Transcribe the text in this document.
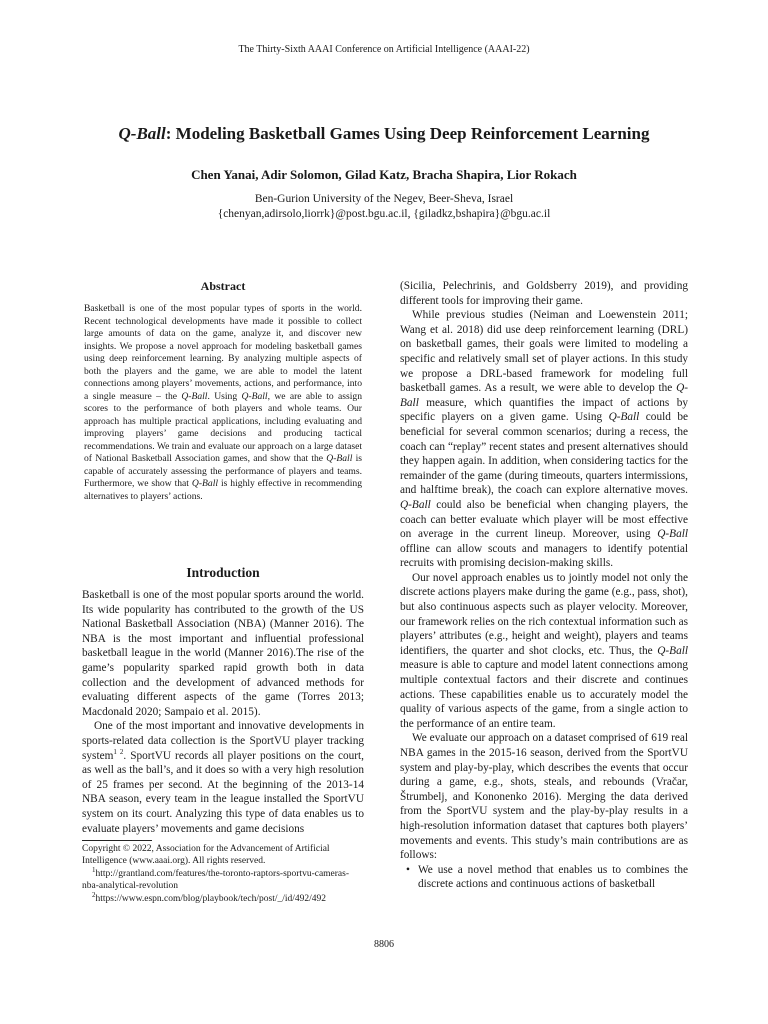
The Thirty-Sixth AAAI Conference on Artificial Intelligence (AAAI-22)
Q-Ball: Modeling Basketball Games Using Deep Reinforcement Learning
Chen Yanai, Adir Solomon, Gilad Katz, Bracha Shapira, Lior Rokach
Ben-Gurion University of the Negev, Beer-Sheva, Israel
{chenyan,adirsolo,liorrk}@post.bgu.ac.il, {giladkz,bshapira}@bgu.ac.il
Abstract
Basketball is one of the most popular types of sports in the world. Recent technological developments have made it possible to collect large amounts of data on the game, analyze it, and discover new insights. We propose a novel approach for modeling basketball games using deep reinforcement learning. By analyzing multiple aspects of both the players and the game, we are able to model the latent connections among players’ movements, actions, and performance, into a single measure – the Q-Ball. Using Q-Ball, we are able to assign scores to the performance of both players and whole teams. Our approach has multiple practical applications, including evaluating and improving players’ game decisions and producing tactical recommendations. We train and evaluate our approach on a large dataset of National Basketball Association games, and show that the Q-Ball is capable of accurately assessing the performance of players and teams. Furthermore, we show that Q-Ball is highly effective in recommending alternatives to players’ actions.
Introduction

Basketball is one of the most popular sports around the world. Its wide popularity has contributed to the growth of the US National Basketball Association (NBA) (Manner 2016). The NBA is the most important and influential professional basketball league in the world (Manner 2016).The rise of the game’s popularity sparked rapid growth both in data collection and the development of advanced methods for evaluating different aspects of the game (Torres 2013; Macdonald 2020; Sampaio et al. 2015).

One of the most important and innovative developments in sports-related data collection is the SportVU player tracking system$^{1 2}$. SportVU records all player positions on the court, as well as the ball’s, and it does so with a very high resolution of 25 frames per second. At the beginning of the 2013-14 NBA season, every team in the league installed the SportVU system on its court. Analyzing this type of data enables us to evaluate players’ movements and game decisions

Copyright © 2022, Association for the Advancement of Artificial Intelligence (www.aaai.org). All rights reserved.
$^1$http://grantland.com/features/the-toronto-raptors-sportvu-cameras-nba-analytical-revolution
$^2$https://www.espn.com/blog/playbook/tech/post/_/id/492/492

(Sicilia, Pelechrinis, and Goldsberry 2019), and providing different tools for improving their game.

While previous studies (Neiman and Loewenstein 2011; Wang et al. 2018) did use deep reinforcement learning (DRL) on basketball games, their goals were limited to modeling a specific and relatively small set of player actions. In this study we propose a DRL-based framework for modeling full basketball games. As a result, we were able to develop the Q-Ball measure, which quantifies the impact of actions by specific players on a given game. Using Q-Ball could be beneficial for several common scenarios; during a recess, the coach can “replay” recent states and present alternatives should they happen again. In addition, when considering tactics for the remainder of the game (during timeouts, quarters intermissions, and halftime break), the coach can explore alternative moves. Q-Ball could also be beneficial when changing players, the coach can better evaluate which player will be most effective on average in the current lineup. Moreover, using Q-Ball offline can allow scouts and managers to identify potential recruits with promising decision-making skills.

Our novel approach enables us to jointly model not only the discrete actions players make during the game (e.g., pass, shot), but also continuous aspects such as player velocity. Moreover, our framework relies on the rich contextual information such as players’ attributes (e.g., height and weight), players and teams identifiers, the quarter and shot clocks, etc. Thus, the Q-Ball measure is able to capture and model latent connections among multiple contextual factors and their discrete and continues actions. These capabilities enable us to accurately model the quality of various aspects of the game, from a single action to the performance of an entire team.

We evaluate our approach on a dataset comprised of 619 real NBA games in the 2015-16 season, derived from the SportVU system and play-by-play, which describes the events that occur during a game, e.g., shots, steals, and rebounds (Vračar, Štrumbelj, and Kononenko 2016). Merging the data derived from the SportVU system and the play-by-play results in a high-resolution information dataset that captures both players’ movements and events. This study’s main contributions are as follows:

• We use a novel method that enables us to combines the discrete actions and continuous actions of basketball
8806
